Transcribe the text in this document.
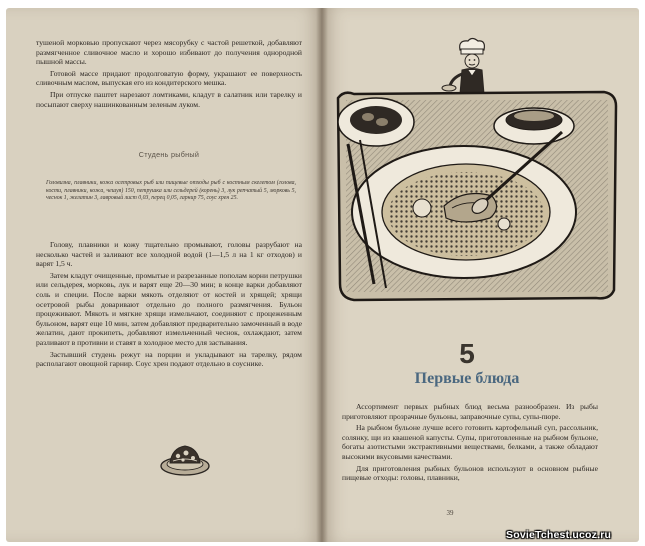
тушеной морковью пропускают через мясорубку с частой решеткой, добавляют размягченное сливочное масло и хорошо избивают до получения однородной пышной массы.

Готовой массе придают продолговатую форму, украшают ее поверхность сливочным маслом, выпуская его из кондитерского мешка.

При отпуске паштет нарезают ломтиками, кладут в салатник или тарелку и посыпают сверху нашинкованным зеленым луком.

Студень рыбный
Головизна, плавники, кожа осетровых рыб или пищевые отходы рыб с костным скелетом (голова, кости, плавники, кожа, чешуя) 150, петрушка или сельдерей (корень) 3, лук репчатый 5, морковь 5, чеснок 1, желатин 3, лавровый лист 0,03, перец 0,05, гарнир 75, соус хрен 25.

Голову, плавники и кожу тщательно промывают, головы разрубают на несколько частей и заливают все холодной водой (1—1,5 л на 1 кг отходов) и варят 1,5 ч.

Затем кладут очищенные, промытые и разрезанные пополам корни петрушки или сельдерея, морковь, лук и варят еще 20—30 мин; в конце варки добавляют соль и специи. После варки мякоть отделяют от костей и хрящей; хрящи осетровой рыбы доваривают отдельно до полного размягчения. Бульон процеживают. Мякоть и мягкие хрящи измельчают, соединяют с процеженным бульоном, варят еще 10 мин, затем добавляют предварительно замоченный в воде желатин, дают прокипеть, добавляют измельченный чеснок, охлаждают, затем разливают в противни и ставят в холодное место для застывания.

Застывший студень режут на порции и укладывают на тарелку, рядом располагают овощной гарнир. Соус хрен подают отдельно в соуснике.	5
Первые блюда

Ассортимент первых рыбных блюд весьма разнообразен. Из рыбы приготовляют прозрачные бульоны, заправочные супы, супы-пюре.

На рыбном бульоне лучше всего готовить картофельный суп, рассольник, солянку, щи из квашеной капусты. Супы, приготовленные на рыбном бульоне, богаты азотистыми экстрактивными веществами, белками, а также обладают высокими вкусовыми качествами.

Для приготовления рыбных бульонов используют в основном рыбные пищевые отходы: головы, плавники,

39
SovieTchest.ucoz.ru
